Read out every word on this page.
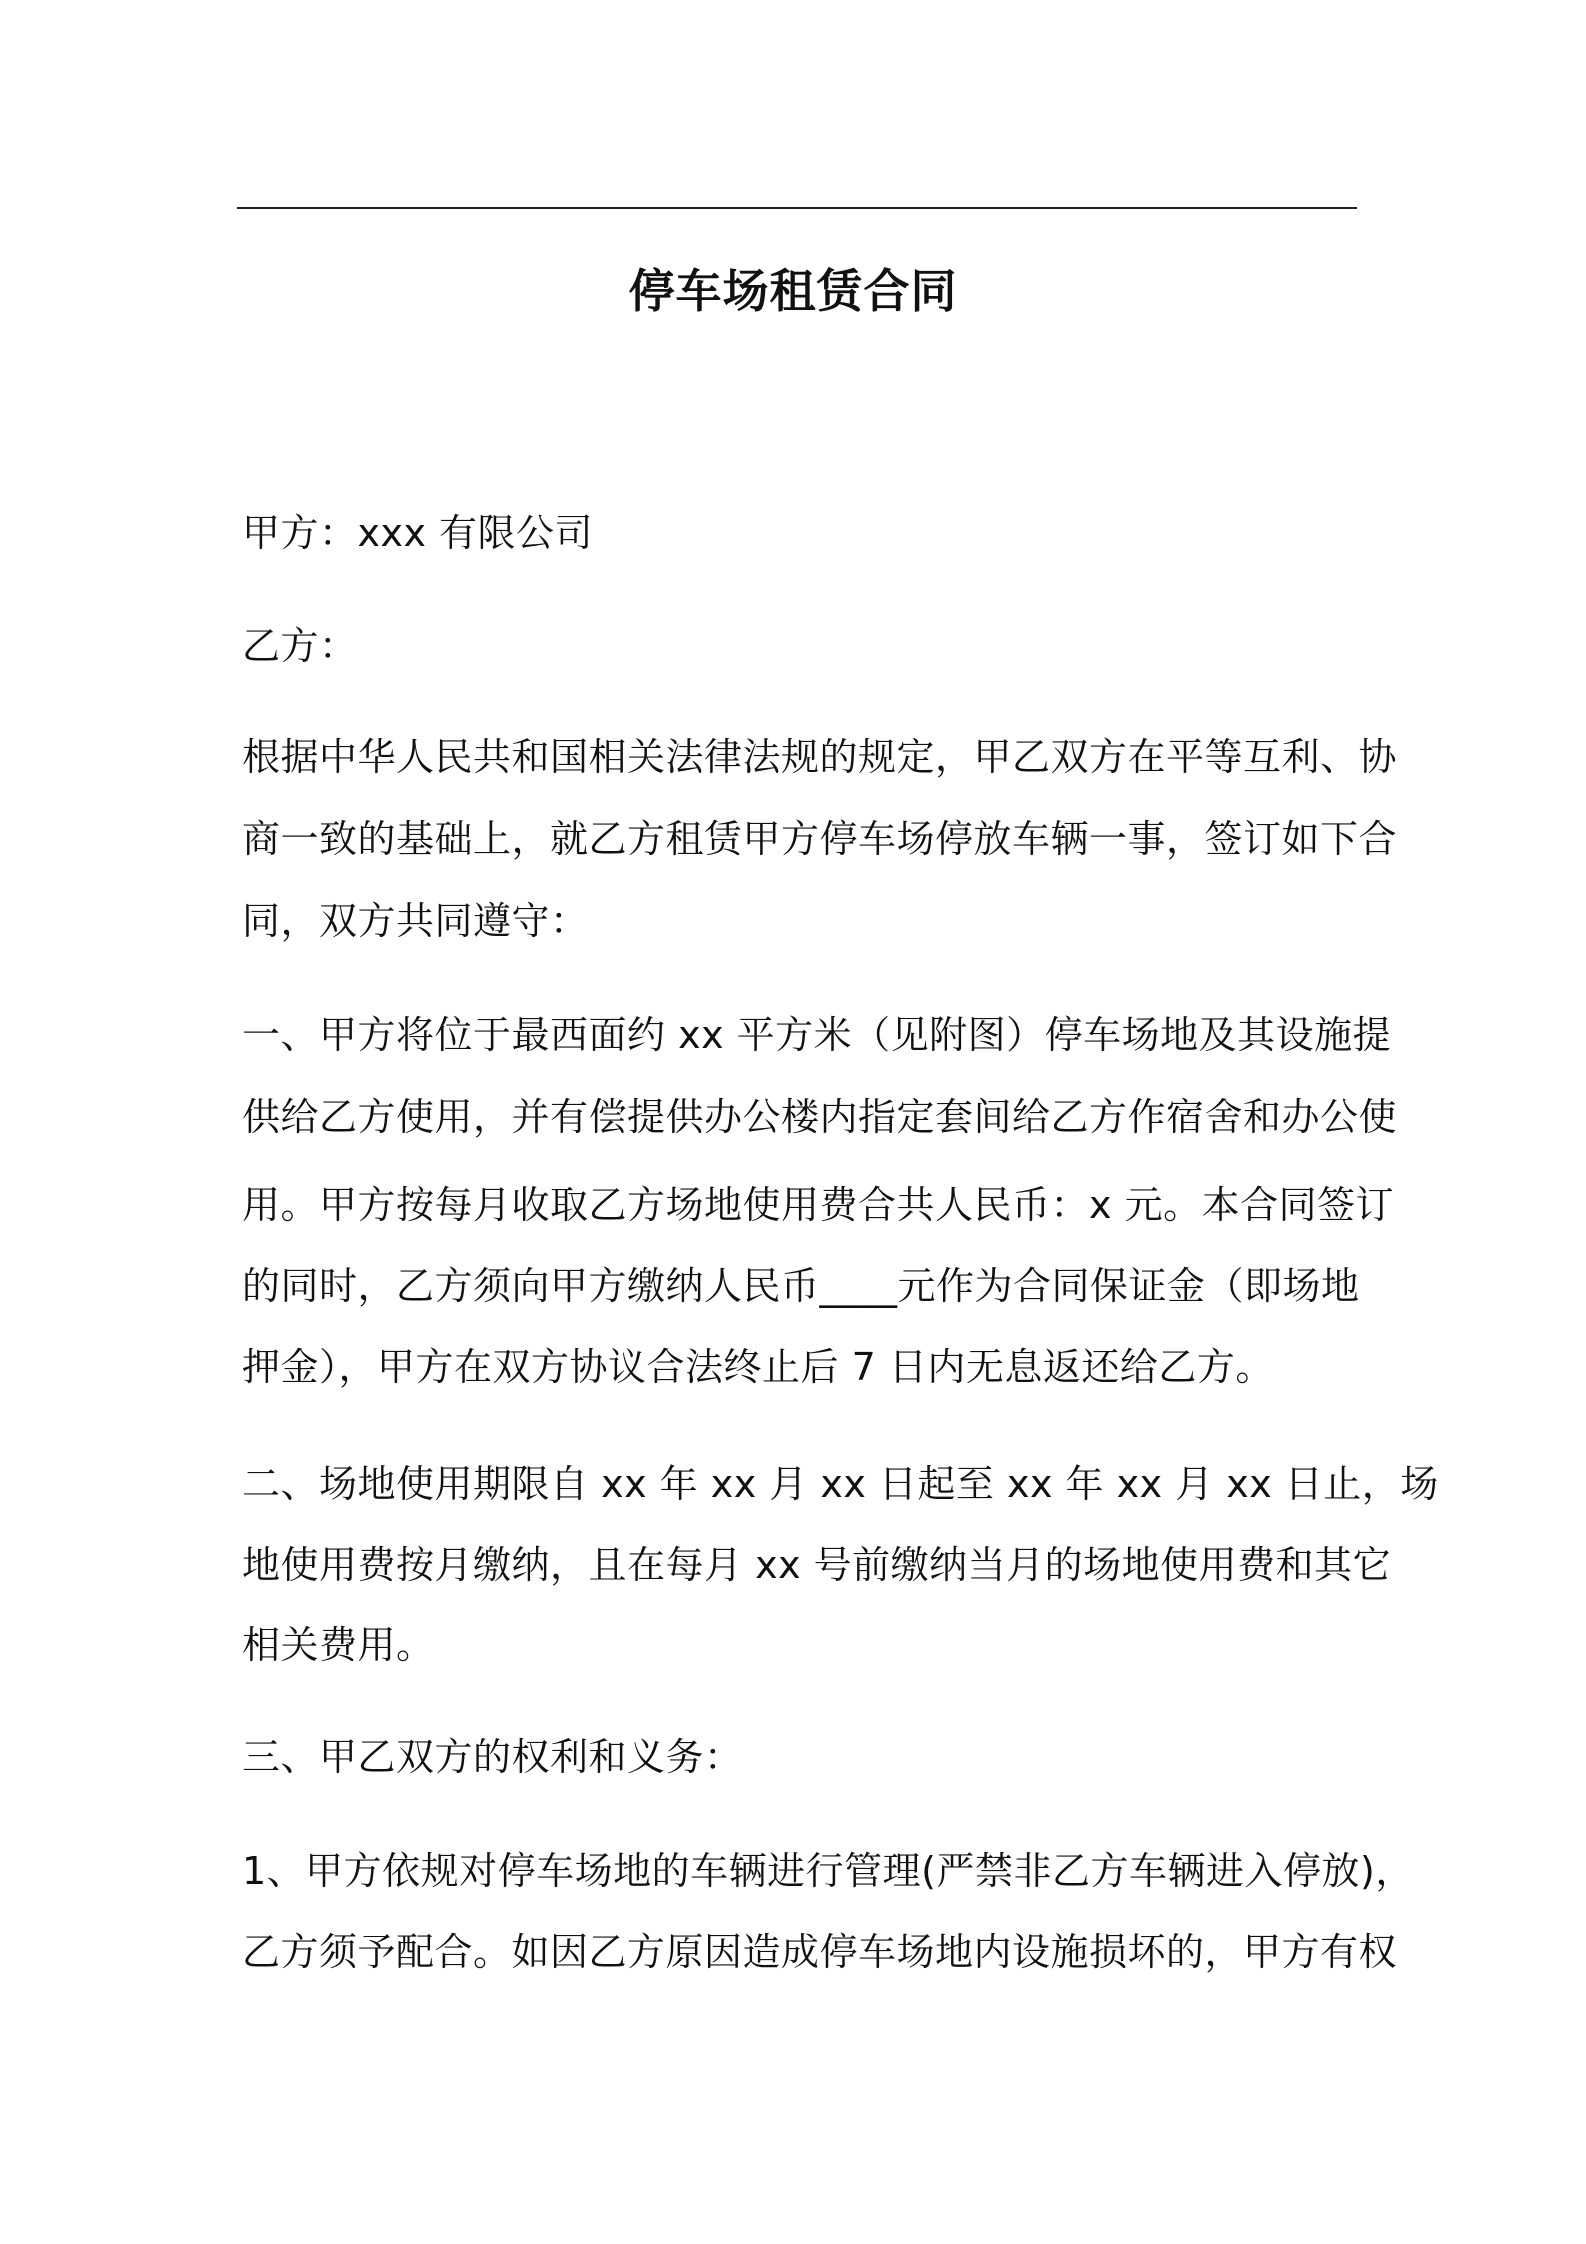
停车场租赁合同
甲方：xxx 有限公司
乙方：
根据中华人民共和国相关法律法规的规定，甲乙双方在平等互利、协
商一致的基础上，就乙方租赁甲方停车场停放车辆一事，签订如下合
同，双方共同遵守：
一、甲方将位于最西面约 xx 平方米（见附图）停车场地及其设施提
供给乙方使用，并有偿提供办公楼内指定套间给乙方作宿舍和办公使
用。甲方按每月收取乙方场地使用费合共人民币：x 元。本合同签订
的同时，乙方须向甲方缴纳人民币____元作为合同保证金（即场地
押金），甲方在双方协议合法终止后 7 日内无息返还给乙方。
二、场地使用期限自 xx 年 xx 月 xx 日起至 xx 年 xx 月 xx 日止，场
地使用费按月缴纳，且在每月 xx 号前缴纳当月的场地使用费和其它
相关费用。
三、甲乙双方的权利和义务：
1、甲方依规对停车场地的车辆进行管理(严禁非乙方车辆进入停放)，
乙方须予配合。如因乙方原因造成停车场地内设施损坏的，甲方有权
